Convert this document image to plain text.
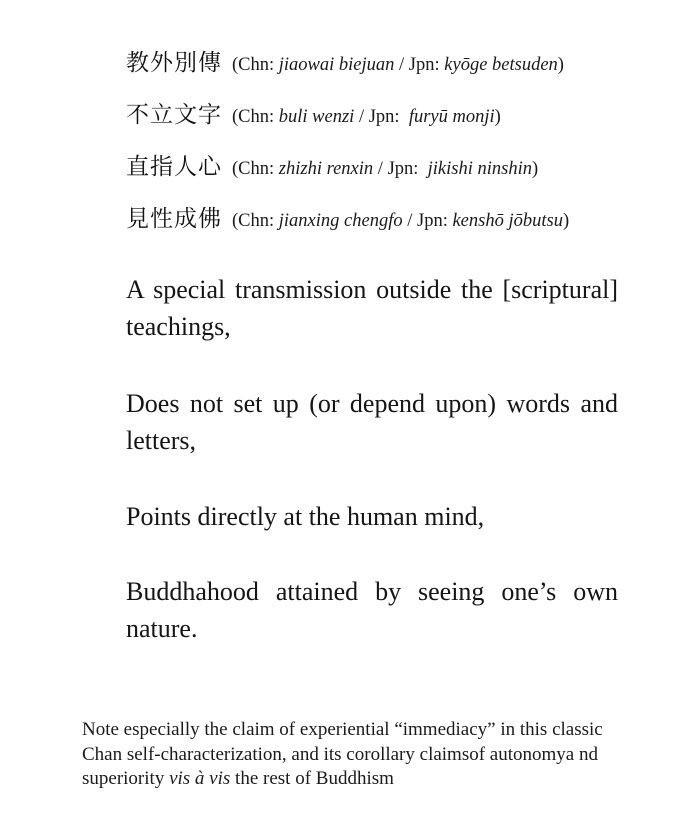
教外別傳 (Chn: jiaowai biejuan / Jpn: kyōge betsuden)
不立文字 (Chn: buli wenzi / Jpn: furyū monji)
直指人心 (Chn: zhizhi renxin / Jpn: jikishi ninshin)
見性成佛 (Chn: jianxing chengfo / Jpn: kenshō jōbutsu)

A special transmission outside the [scriptural] teachings,

Does not set up (or depend upon) words and letters,

Points directly at the human mind,

Buddhahood attained by seeing one’s own nature.

Note especially the claim of experiential “immediacy” in this classic Chan self-characterization, and its corollary claimsof autonomya nd superiority vis à vis the rest of Buddhism
